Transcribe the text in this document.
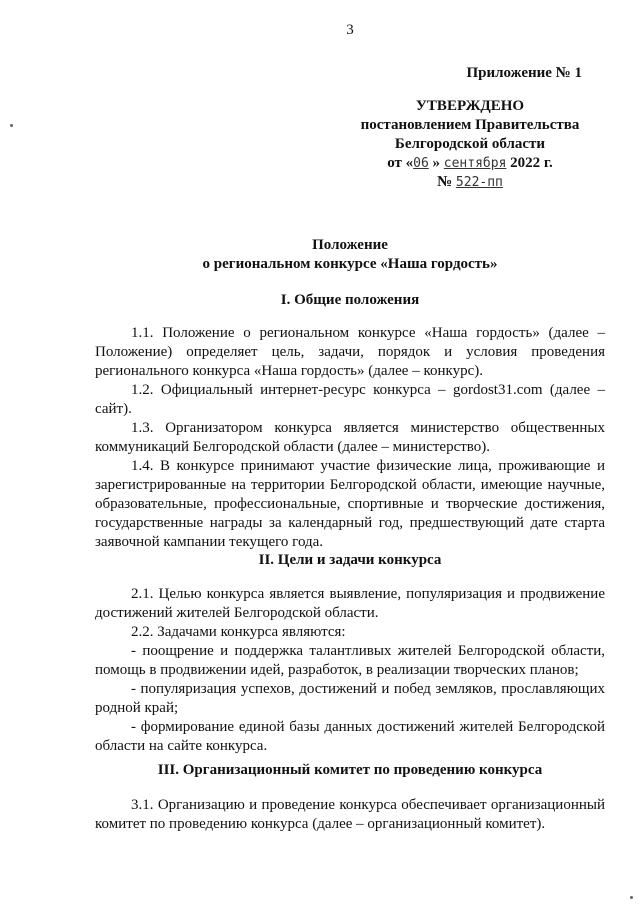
3
Приложение № 1
УТВЕРЖДЕНО
постановлением Правительства
Белгородской области
от «06 » сентября 2022 г.
№ 522-пп
Положение
о региональном конкурсе «Наша гордость»
I. Общие положения
1.1. Положение о региональном конкурсе «Наша гордость» (далее – Положение) определяет цель, задачи, порядок и условия проведения регионального конкурса «Наша гордость» (далее – конкурс).
1.2. Официальный интернет-ресурс конкурса – gordost31.com (далее – сайт).
1.3. Организатором конкурса является министерство общественных коммуникаций Белгородской области (далее – министерство).
1.4. В конкурсе принимают участие физические лица, проживающие и зарегистрированные на территории Белгородской области, имеющие научные, образовательные, профессиональные, спортивные и творческие достижения, государственные награды за календарный год, предшествующий дате старта заявочной кампании текущего года.
II. Цели и задачи конкурса
2.1. Целью конкурса является выявление, популяризация и продвижение достижений жителей Белгородской области.
2.2. Задачами конкурса являются:
- поощрение и поддержка талантливых жителей Белгородской области, помощь в продвижении идей, разработок, в реализации творческих планов;
- популяризация успехов, достижений и побед земляков, прославляющих родной край;
- формирование единой базы данных достижений жителей Белгородской области на сайте конкурса.
III. Организационный комитет по проведению конкурса
3.1. Организацию и проведение конкурса обеспечивает организационный комитет по проведению конкурса (далее – организационный комитет).
